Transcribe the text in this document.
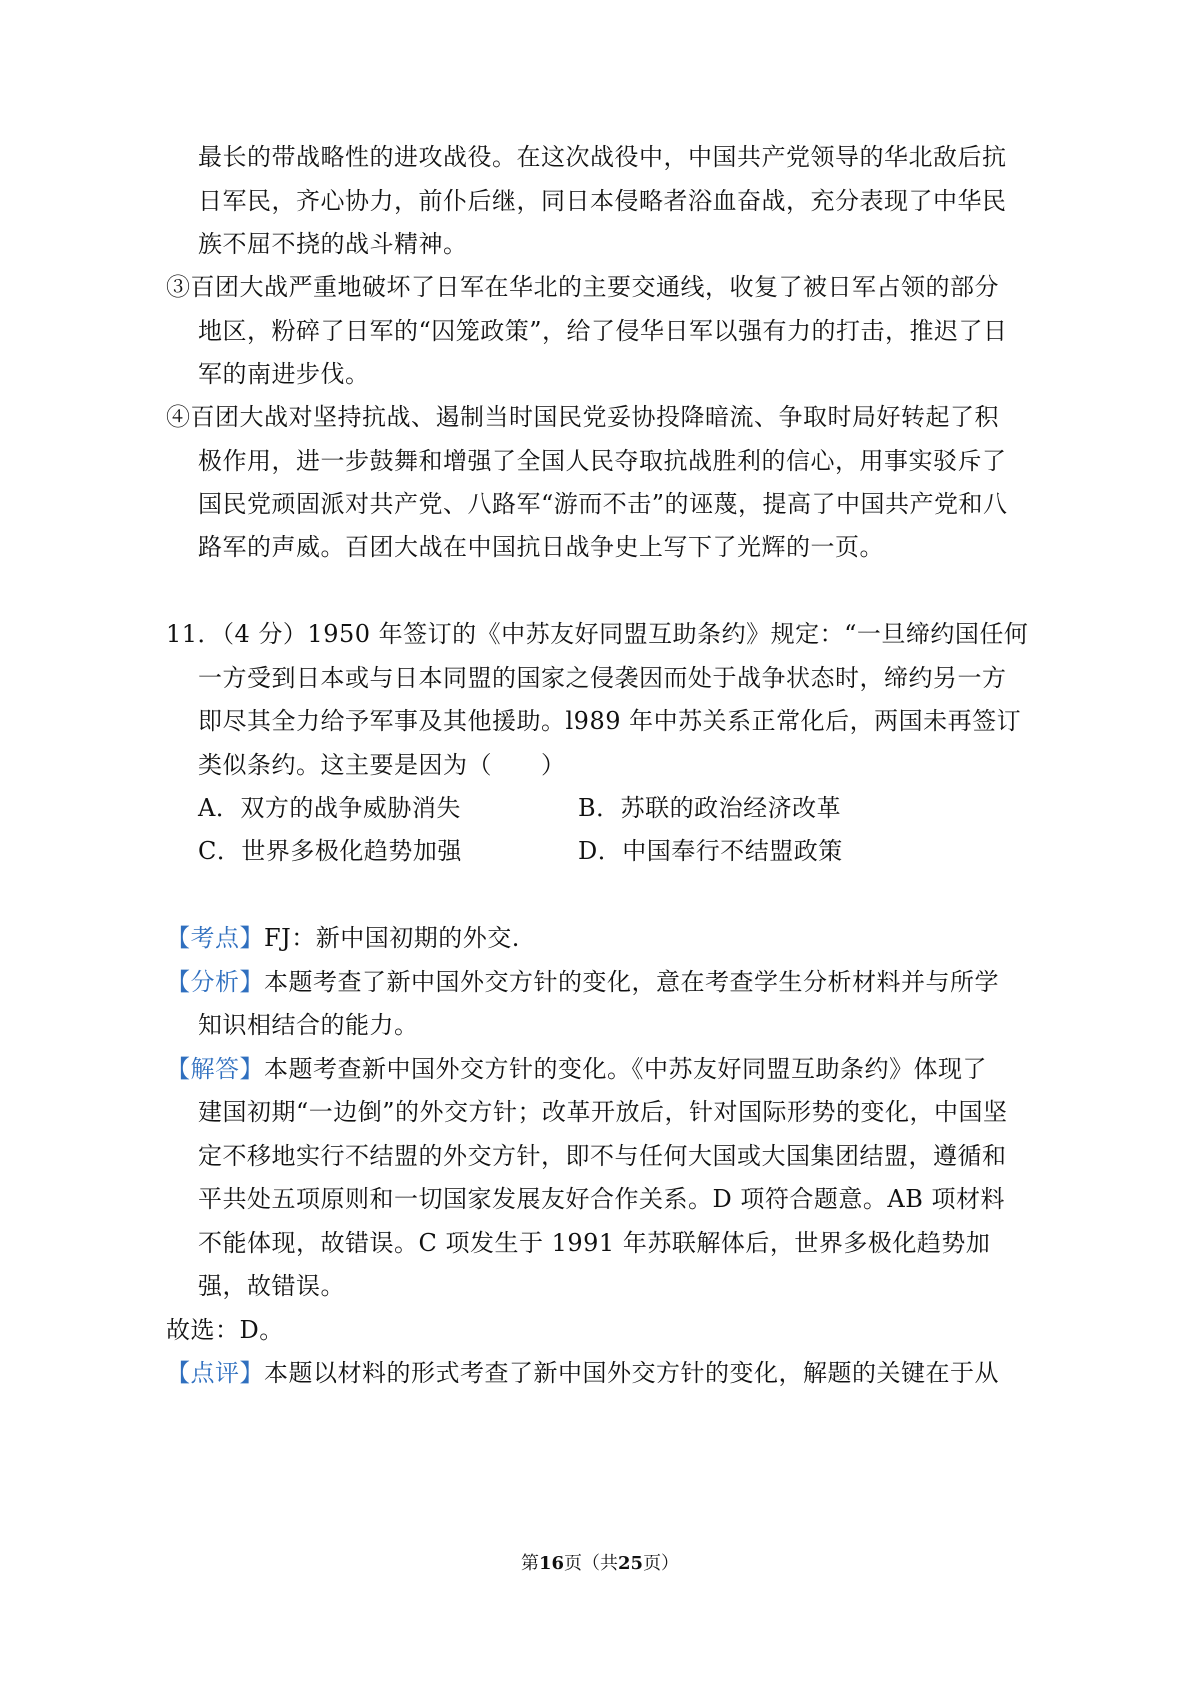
最长的带战略性的进攻战役。在这次战役中，中国共产党领导的华北敌后抗
日军民，齐心协力，前仆后继，同日本侵略者浴血奋战，充分表现了中华民
族不屈不挠的战斗精神。
③百团大战严重地破坏了日军在华北的主要交通线，收复了被日军占领的部分
地区，粉碎了日军的“囚笼政策”，给了侵华日军以强有力的打击，推迟了日
军的南进步伐。
④百团大战对坚持抗战、遏制当时国民党妥协投降暗流、争取时局好转起了积
极作用，进一步鼓舞和增强了全国人民夺取抗战胜利的信心，用事实驳斥了
国民党顽固派对共产党、八路军“游而不击”的诬蔑，提高了中国共产党和八
路军的声威。百团大战在中国抗日战争史上写下了光辉的一页。
11．（4 分）1950 年签订的《中苏友好同盟互助条约》规定：“一旦缔约国任何
一方受到日本或与日本同盟的国家之侵袭因而处于战争状态时，缔约另一方
即尽其全力给予军事及其他援助。l989 年中苏关系正常化后，两国未再签订
类似条约。这主要是因为（　　）
A．双方的战争威胁消失	B．苏联的政治经济改革
C．世界多极化趋势加强	D．中国奉行不结盟政策
【考点】FJ：新中国初期的外交.
【分析】本题考查了新中国外交方针的变化，意在考查学生分析材料并与所学
知识相结合的能力。
【解答】本题考查新中国外交方针的变化。《中苏友好同盟互助条约》体现了
建国初期“一边倒”的外交方针；改革开放后，针对国际形势的变化，中国坚
定不移地实行不结盟的外交方针，即不与任何大国或大国集团结盟，遵循和
平共处五项原则和一切国家发展友好合作关系。D 项符合题意。AB 项材料
不能体现，故错误。C 项发生于 1991 年苏联解体后，世界多极化趋势加
强，故错误。
故选：D。
【点评】本题以材料的形式考查了新中国外交方针的变化，解题的关键在于从
第16页（共25页）
